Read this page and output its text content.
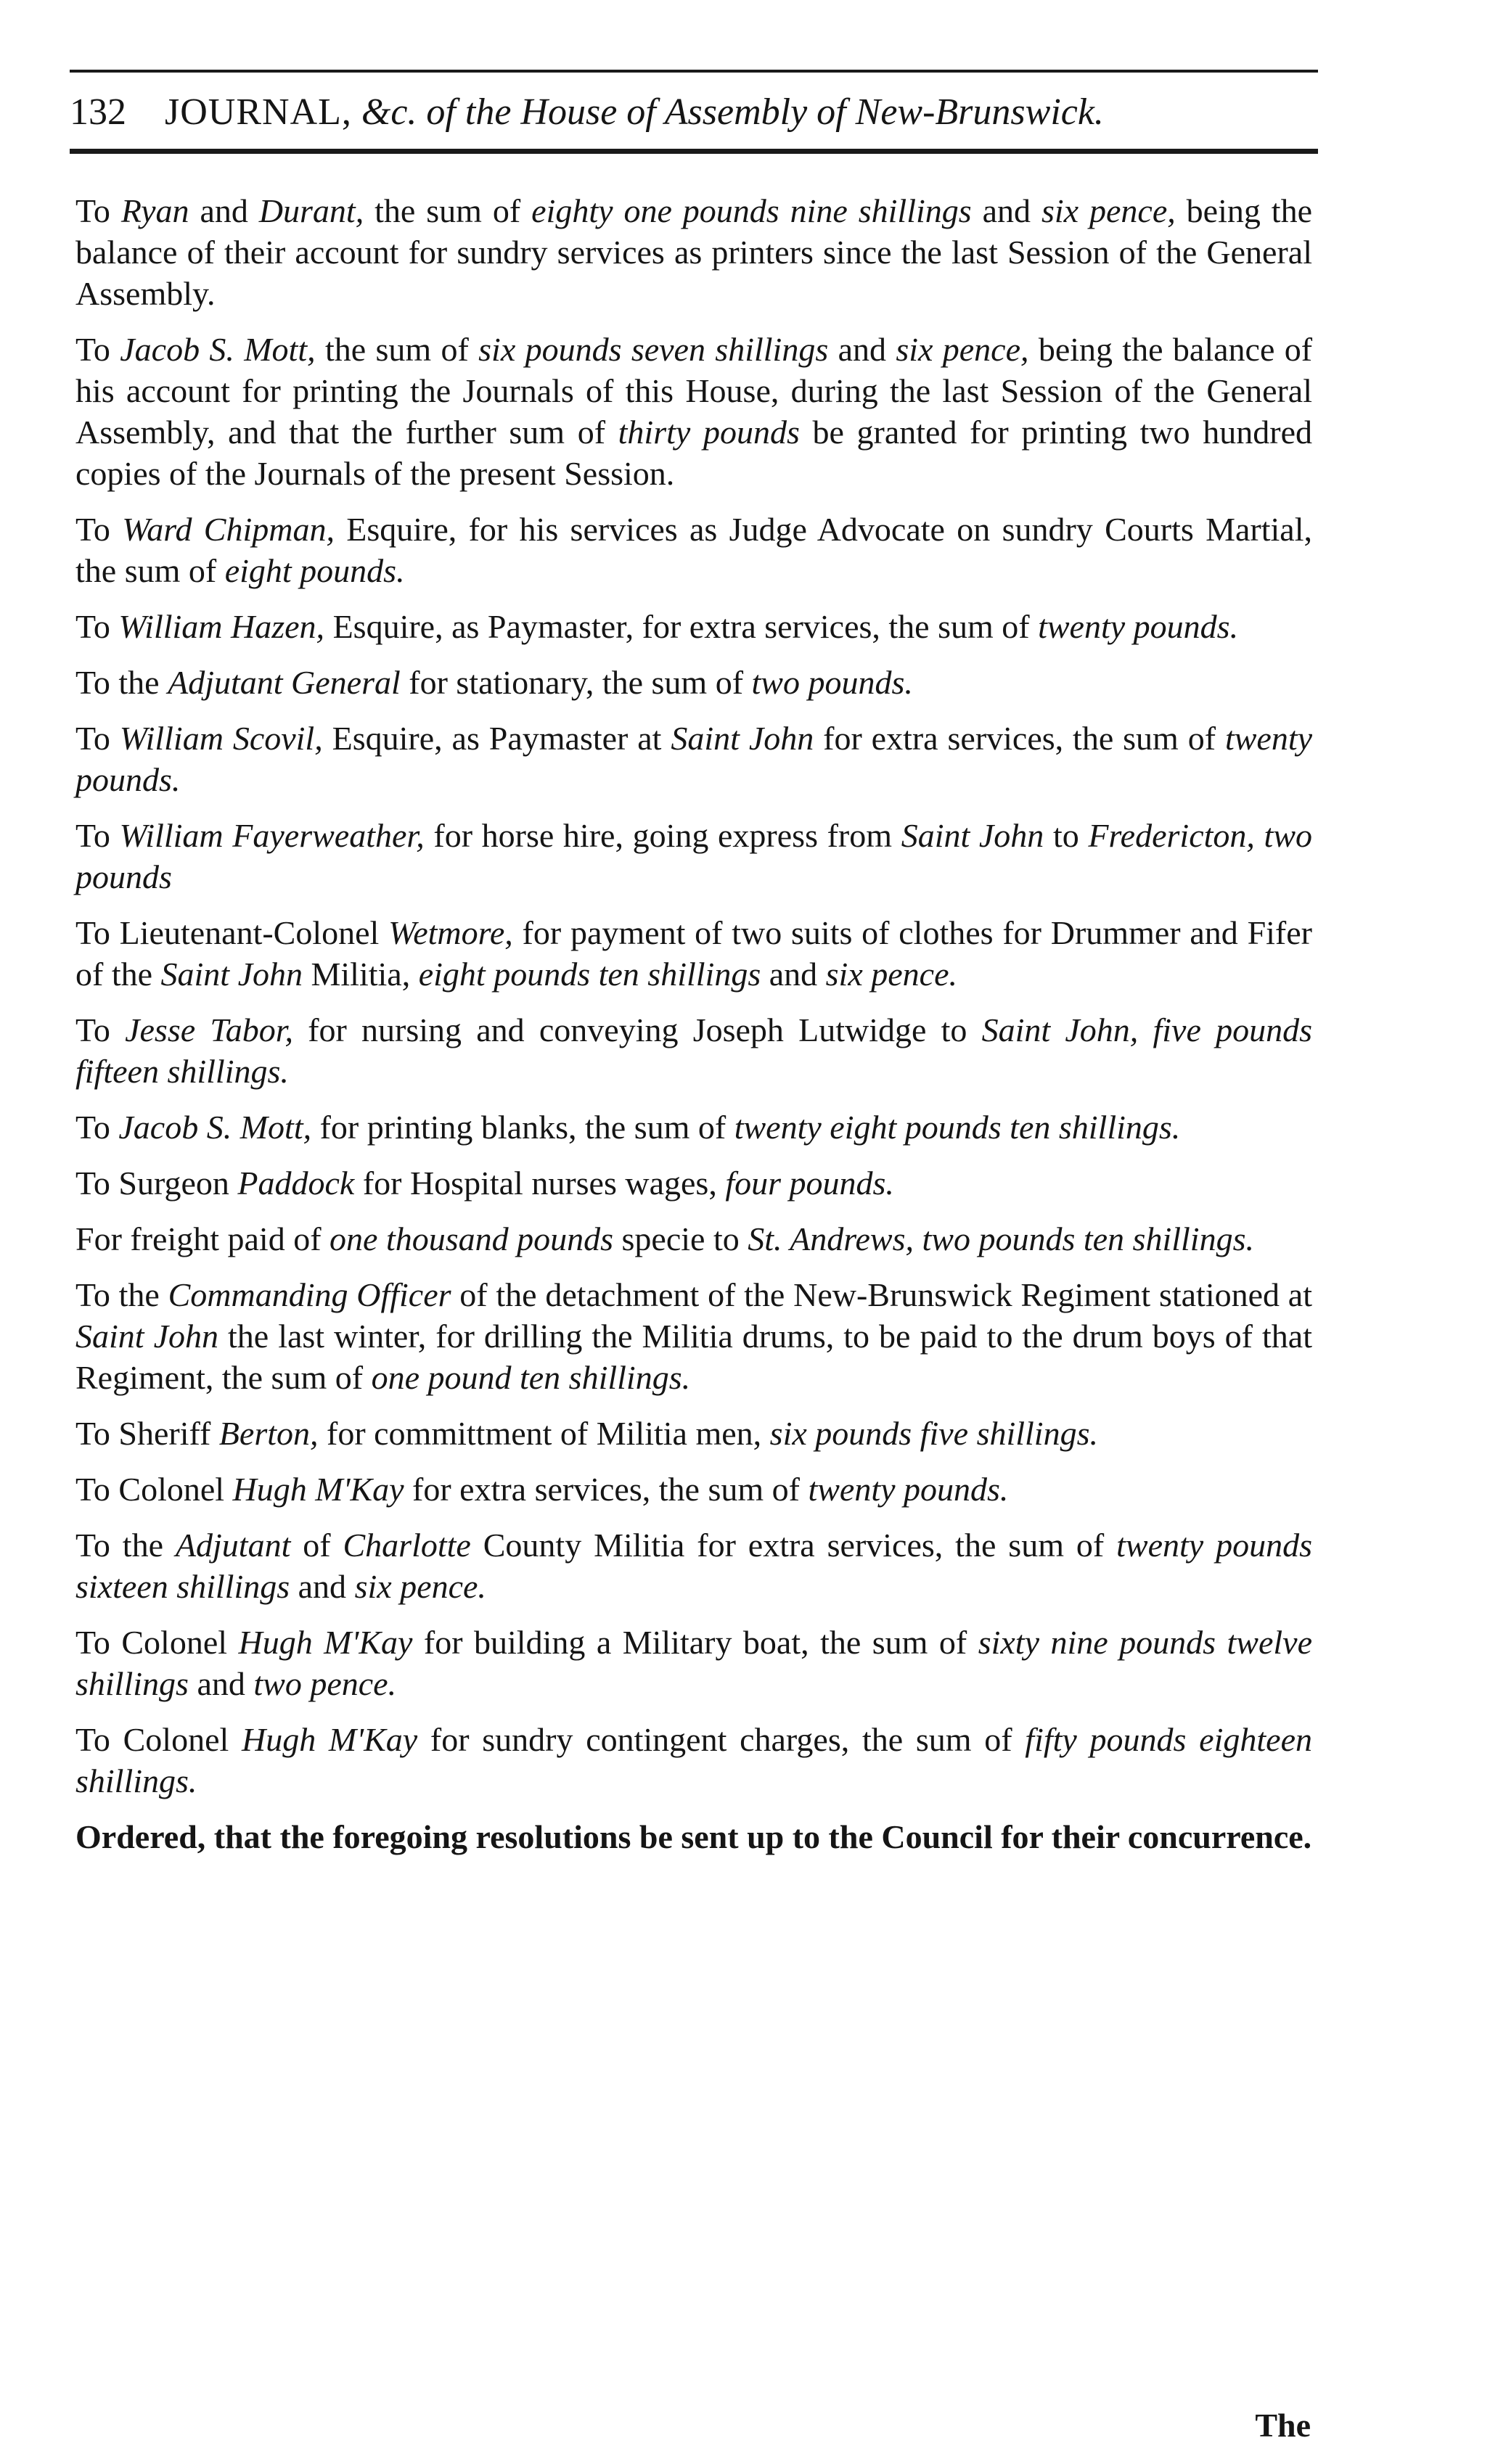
132 JOURNAL, &c. of the House of Assembly of New-Brunswick.

To Ryan and Durant, the sum of eighty one pounds nine shillings and six pence, being the balance of their account for sundry services as printers since the last Session of the General Assembly.

To Jacob S. Mott, the sum of six pounds seven shillings and six pence, being the balance of his account for printing the Journals of this House, during the last Session of the General Assembly, and that the further sum of thirty pounds be granted for printing two hundred copies of the Journals of the present Session.

To Ward Chipman, Esquire, for his services as Judge Advocate on sundry Courts Martial, the sum of eight pounds.

To William Hazen, Esquire, as Paymaster, for extra services, the sum of twenty pounds.

To the Adjutant General for stationary, the sum of two pounds.

To William Scovil, Esquire, as Paymaster at Saint John for extra services, the sum of twenty pounds.

To William Fayerweather, for horse hire, going express from Saint John to Fredericton, two pounds

To Lieutenant-Colonel Wetmore, for payment of two suits of clothes for Drummer and Fifer of the Saint John Militia, eight pounds ten shillings and six pence.

To Jesse Tabor, for nursing and conveying Joseph Lutwidge to Saint John, five pounds fifteen shillings.

To Jacob S. Mott, for printing blanks, the sum of twenty eight pounds ten shillings.

To Surgeon Paddock for Hospital nurses wages, four pounds.

For freight paid of one thousand pounds specie to St. Andrews, two pounds ten shillings.

To the Commanding Officer of the detachment of the New-Brunswick Regiment stationed at Saint John the last winter, for drilling the Militia drums, to be paid to the drum boys of that Regiment, the sum of one pound ten shillings.

To Sheriff Berton, for committment of Militia men, six pounds five shillings.

To Colonel Hugh M'Kay for extra services, the sum of twenty pounds.

To the Adjutant of Charlotte County Militia for extra services, the sum of twenty pounds sixteen shillings and six pence.

To Colonel Hugh M'Kay for building a Military boat, the sum of sixty nine pounds twelve shillings and two pence.

To Colonel Hugh M'Kay for sundry contingent charges, the sum of fifty pounds eighteen shillings.

Ordered, that the foregoing resolutions be sent up to the Council for their concurrence.

The
